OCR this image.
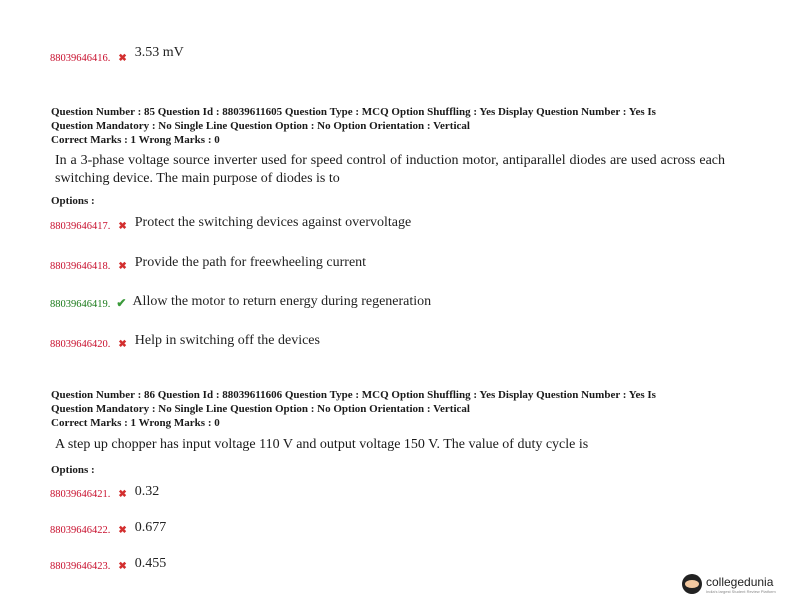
88039646416. ✖ 3.53 mV
Question Number : 85 Question Id : 88039611605 Question Type : MCQ Option Shuffling : Yes Display Question Number : Yes Is
Question Mandatory : No Single Line Question Option : No Option Orientation : Vertical
Correct Marks : 1 Wrong Marks : 0
In a 3-phase voltage source inverter used for speed control of induction motor, antiparallel diodes are used across each switching device. The main purpose of diodes is to
Options :
88039646417. ✖ Protect the switching devices against overvoltage
88039646418. ✖ Provide the path for freewheeling current
88039646419. ✔ Allow the motor to return energy during regeneration
88039646420. ✖ Help in switching off the devices
Question Number : 86 Question Id : 88039611606 Question Type : MCQ Option Shuffling : Yes Display Question Number : Yes Is
Question Mandatory : No Single Line Question Option : No Option Orientation : Vertical
Correct Marks : 1 Wrong Marks : 0
A step up chopper has input voltage 110 V and output voltage 150 V. The value of duty cycle is
Options :
88039646421. ✖ 0.32
88039646422. ✖ 0.677
88039646423. ✖ 0.455
collegedunia
India's largest Student Review Platform
